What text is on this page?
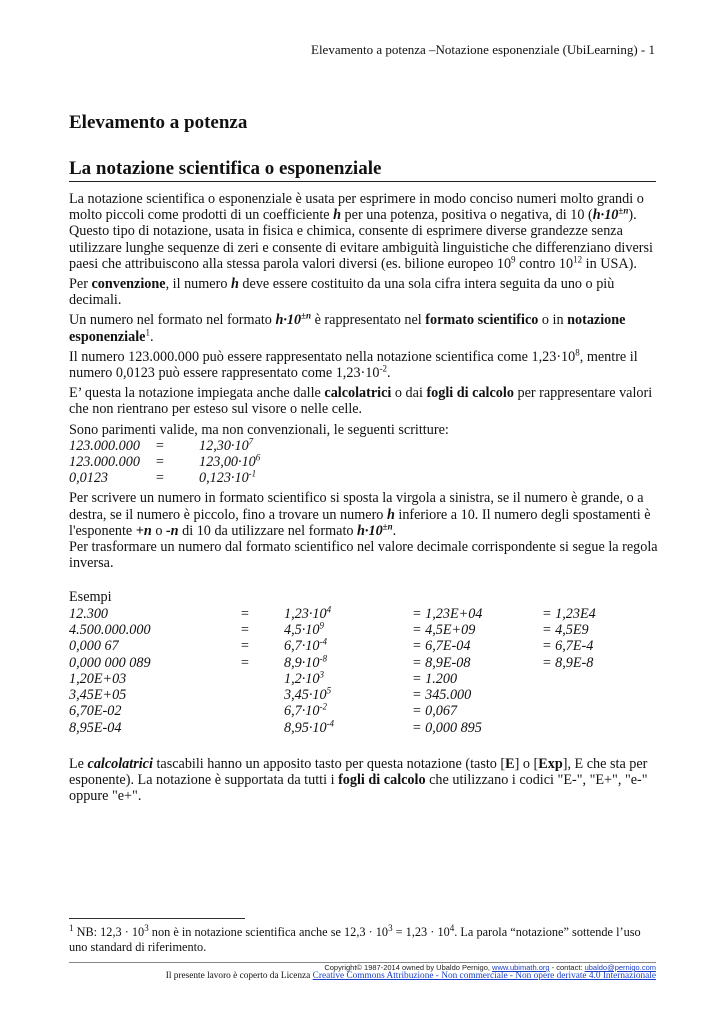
Elevamento a potenza –Notazione esponenziale (UbiLearning) - 1
Elevamento a potenza
La notazione scientifica o esponenziale

La notazione scientifica o esponenziale è usata per esprimere in modo conciso numeri molto grandi o molto piccoli come prodotti di un coefficiente h per una potenza, positiva o negativa, di 10 $(h\cdot 10^{\pm n})$. Questo tipo di notazione, usata in fisica e chimica, consente di esprimere diverse grandezze senza utilizzare lunghe sequenze di zeri e consente di evitare ambiguità linguistiche che differenziano diversi paesi che attribuiscono alla stessa parola valori diversi (es. bilione europeo $10^9$ contro $10^{12}$ in USA).

Per convenzione, il numero h deve essere costituito da una sola cifra intera seguita da uno o più decimali.

Un numero nel formato nel formato $h\cdot 10^{\pm n}$ è rappresentato nel formato scientifico o in notazione esponenziale$^1$.

Il numero 123.000.000 può essere rappresentato nella notazione scientifica come $1,23\cdot 10^8$, mentre il numero 0,0123 può essere rappresentato come $1,23\cdot 10^{-2}$.

E’ questa la notazione impiegata anche dalle calcolatrici o dai fogli di calcolo per rappresentare valori che non rientrano per esteso sul visore o nelle celle.

Sono parimenti valide, ma non convenzionali, le seguenti scritture:
$123.000.000 = 12,30\cdot 10^7$
$123.000.000 = 123,00\cdot 10^6$
0,0123	= $0,123\cdot 10^{-1}$

Per scrivere un numero in formato scientifico si sposta la virgola a sinistra, se il numero è grande, o a destra, se il numero è piccolo, fino a trovare un numero h inferiore a 10. Il numero degli spostamenti è l'esponente +n o -n di 10 da utilizzare nel formato $h\cdot 10^{\pm n}$.
Per trasformare un numero dal formato scientifico nel valore decimale corrispondente si segue la regola inversa.

Esempi
12.300	= $1,23\cdot 10^4$	= 1,23E+04	= 1,23E4
4.500.000.000	= $4,5\cdot 10^9$	= 4,5E+09	= 4,5E9
0,000 67	= $6,7\cdot 10^{-4}$	= 6,7E-04	= 6,7E-4
0,000 000 089	= $8,9\cdot 10^{-8}$	= 8,9E-08	= 8,9E-8
1,20E+03	$1,2\cdot 10^3$	= 1.200
3,45E+05	$3,45\cdot 10^5$	= 345.000
6,70E-02	$6,7\cdot 10^{-2}$	= 0,067
8,95E-04	$8,95\cdot 10^{-4}$	= 0,000 895

Le calcolatrici tascabili hanno un apposito tasto per questa notazione (tasto [E] o [Exp], E che sta per esponente). La notazione è supportata da tutti i fogli di calcolo che utilizzano i codici "E-", "E+", "e-" oppure "e+".

$^1$ NB: $12,3 \cdot 10^3$ non è in notazione scientifica anche se $12,3 \cdot 10^3 = 1,23 \cdot 10^4$. La parola “notazione” sottende l’uso uno standard di riferimento.
Copyright© 1987-2014 owned by Ubaldo Pernigo, www.ubimath.org - contact: ubaldo@pernigo.com
Il presente lavoro è coperto da Licenza Creative Commons Attribuzione - Non commerciale - Non opere derivate 4.0 Internazionale
